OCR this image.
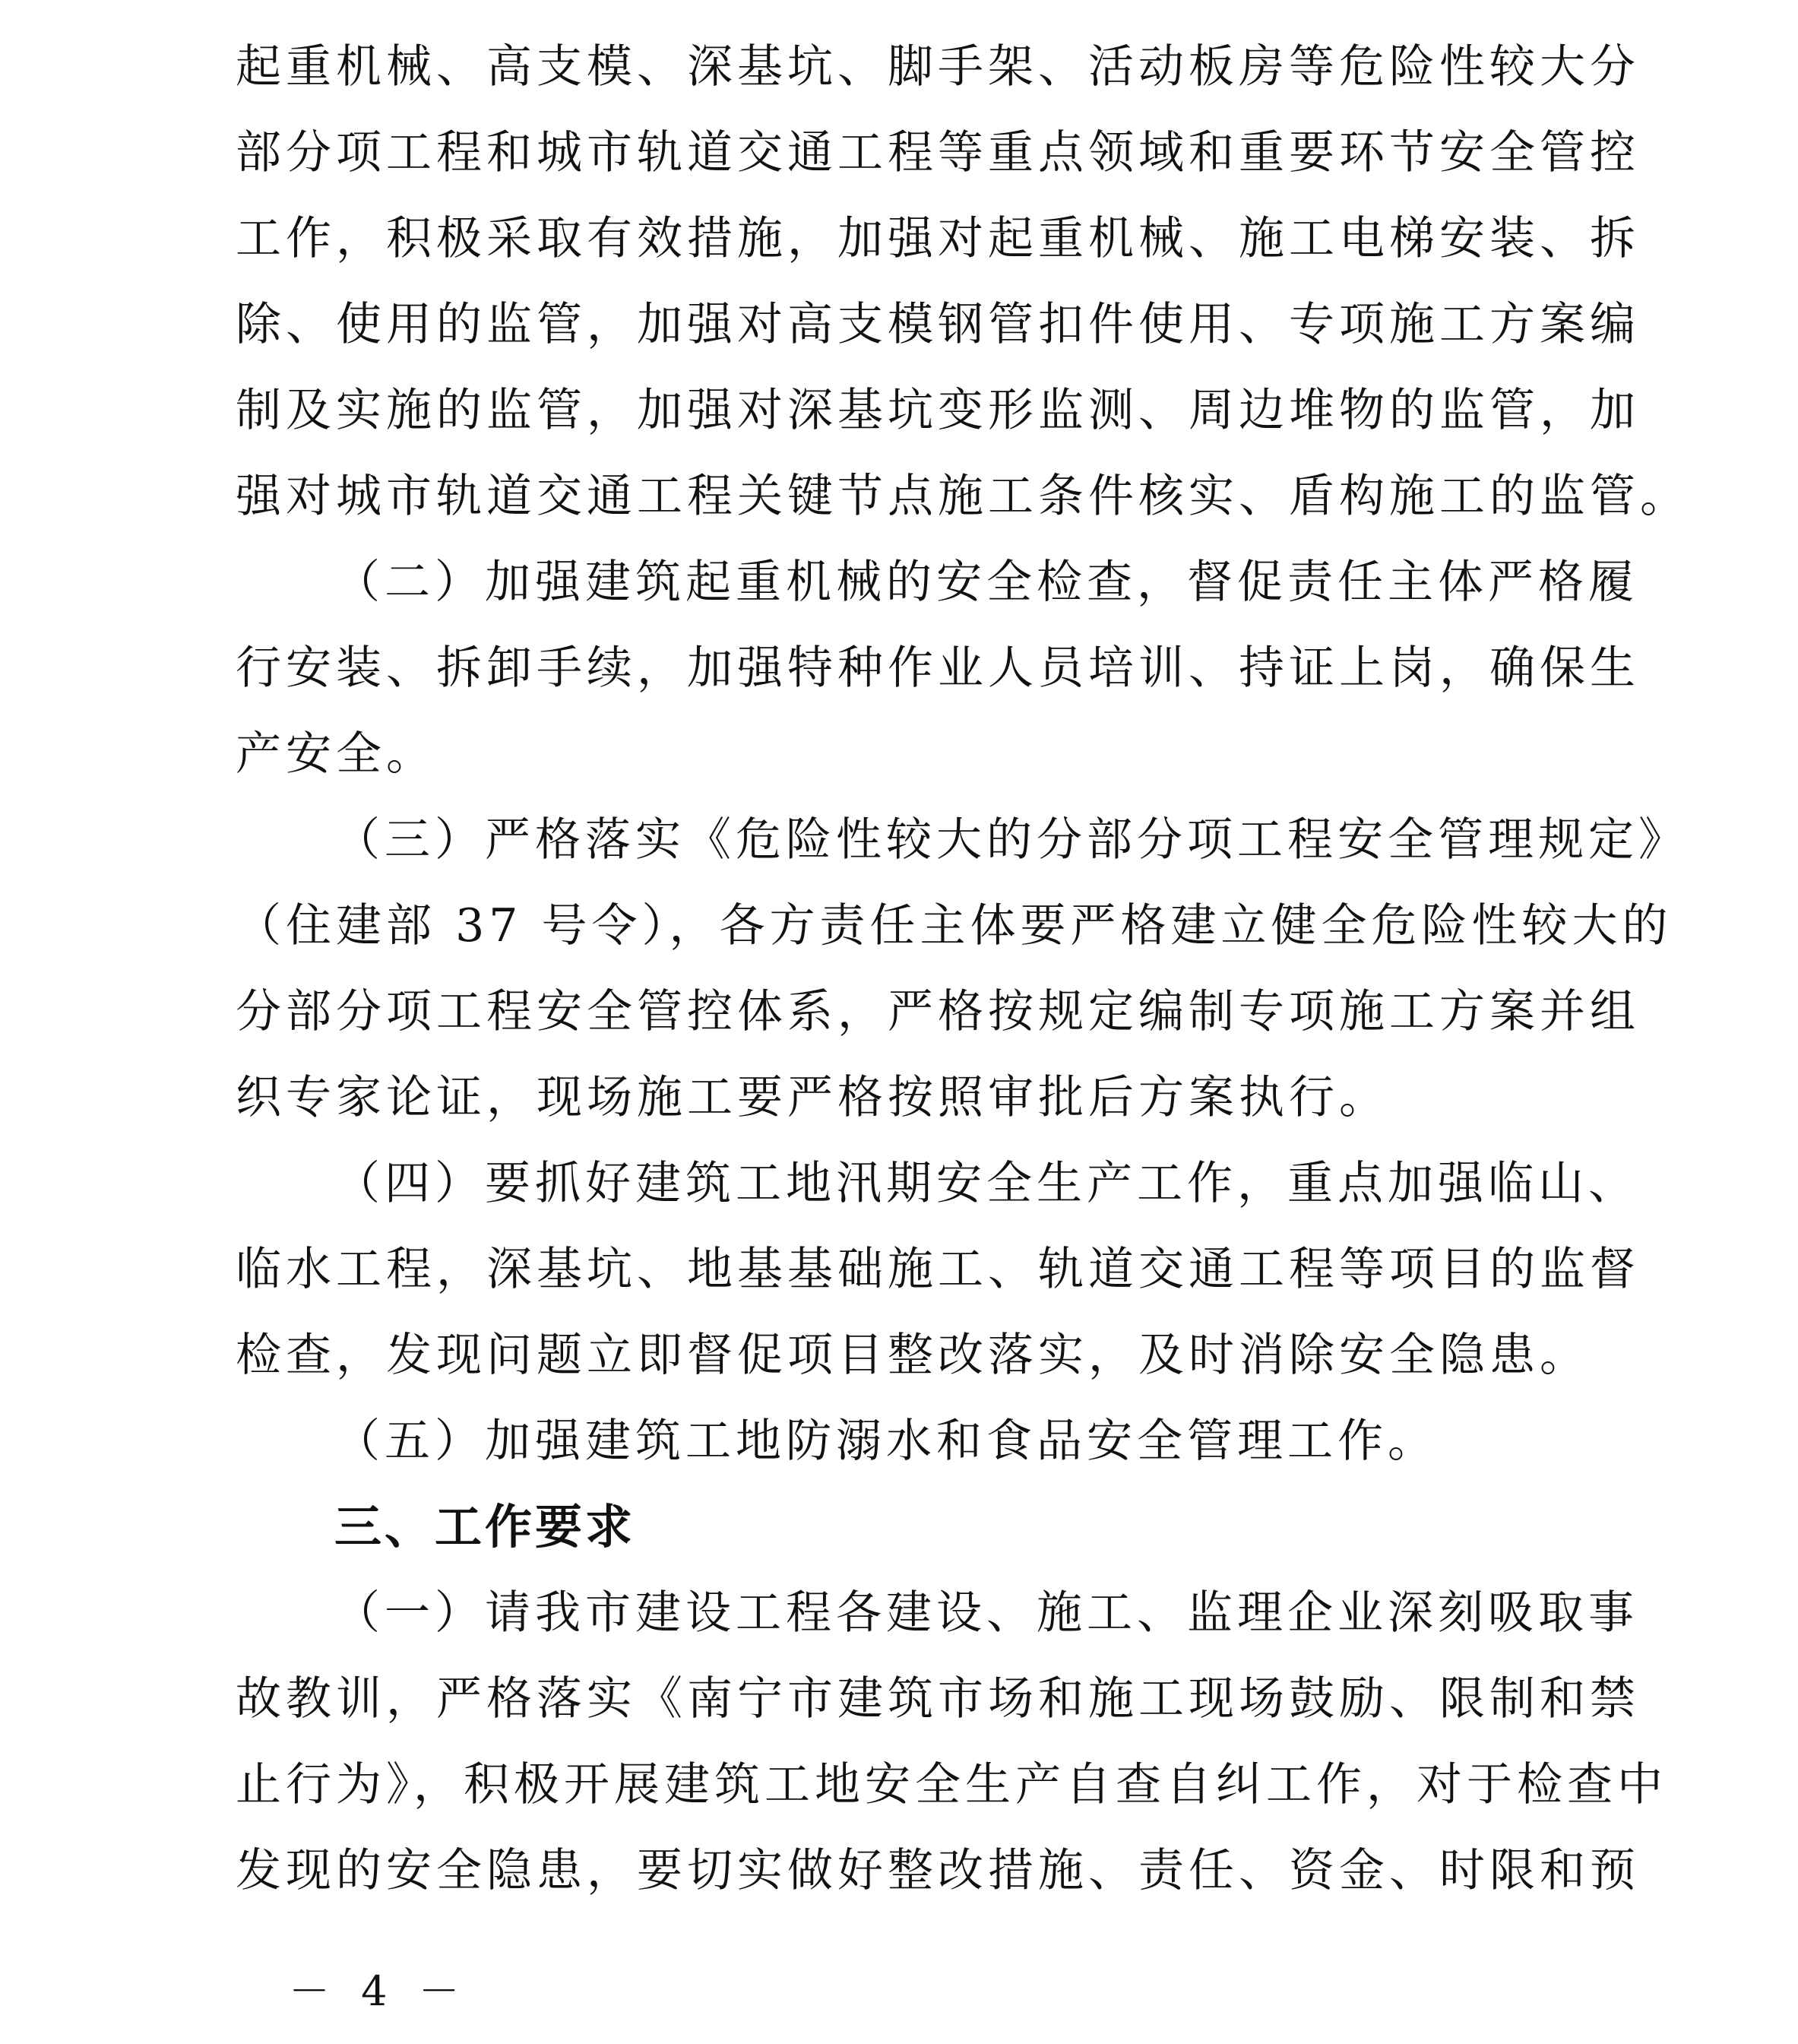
起重机械、高支模、深基坑、脚手架、活动板房等危险性较大分
部分项工程和城市轨道交通工程等重点领域和重要环节安全管控
工作，积极采取有效措施，加强对起重机械、施工电梯安装、拆
除、使用的监管，加强对高支模钢管扣件使用、专项施工方案编
制及实施的监管，加强对深基坑变形监测、周边堆物的监管，加
强对城市轨道交通工程关键节点施工条件核实、盾构施工的监管。
（二）加强建筑起重机械的安全检查，督促责任主体严格履
行安装、拆卸手续，加强特种作业人员培训、持证上岗，确保生
产安全。
（三）严格落实《危险性较大的分部分项工程安全管理规定》
（住建部 37 号令），各方责任主体要严格建立健全危险性较大的
分部分项工程安全管控体系，严格按规定编制专项施工方案并组
织专家论证，现场施工要严格按照审批后方案执行。
（四）要抓好建筑工地汛期安全生产工作，重点加强临山、
临水工程，深基坑、地基基础施工、轨道交通工程等项目的监督
检查，发现问题立即督促项目整改落实，及时消除安全隐患。
（五）加强建筑工地防溺水和食品安全管理工作。
三、工作要求
（一）请我市建设工程各建设、施工、监理企业深刻吸取事
故教训，严格落实《南宁市建筑市场和施工现场鼓励、限制和禁
止行为》，积极开展建筑工地安全生产自查自纠工作，对于检查中
发现的安全隐患，要切实做好整改措施、责任、资金、时限和预
－ 4 －
